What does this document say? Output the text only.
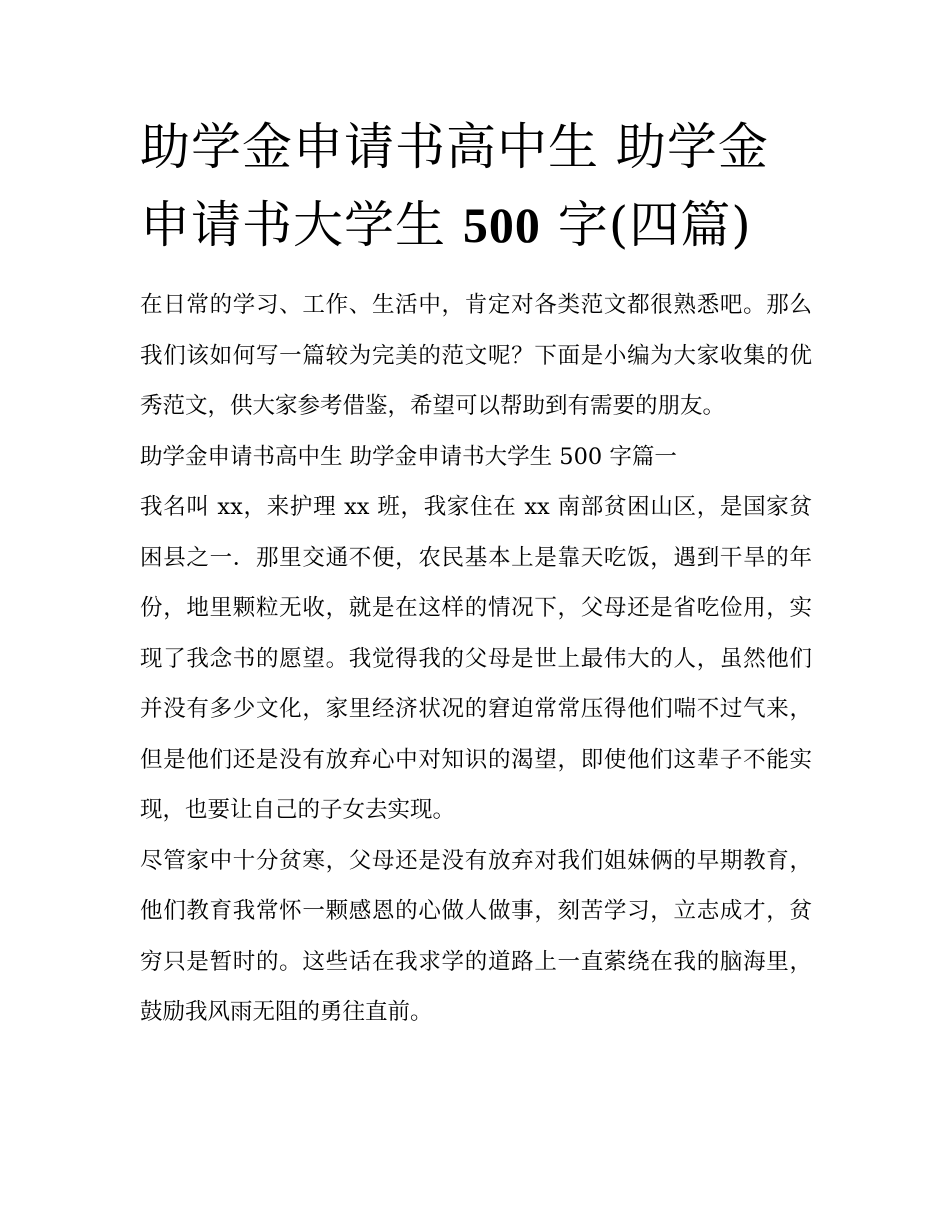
助学金申请书高中生 助学金申请书大学生 500 字(四篇)

在日常的学习、工作、生活中，肯定对各类范文都很熟悉吧。那么我们该如何写一篇较为完美的范文呢？下面是小编为大家收集的优秀范文，供大家参考借鉴，希望可以帮助到有需要的朋友。

助学金申请书高中生 助学金申请书大学生 500 字篇一

我名叫 xx，来护理 xx 班，我家住在 xx 南部贫困山区，是国家贫困县之一．那里交通不便，农民基本上是靠天吃饭，遇到干旱的年份，地里颗粒无收，就是在这样的情况下，父母还是省吃俭用，实现了我念书的愿望。我觉得我的父母是世上最伟大的人，虽然他们并没有多少文化，家里经济状况的窘迫常常压得他们喘不过气来，但是他们还是没有放弃心中对知识的渴望，即使他们这辈子不能实现，也要让自己的子女去实现。

尽管家中十分贫寒，父母还是没有放弃对我们姐妹俩的早期教育，他们教育我常怀一颗感恩的心做人做事，刻苦学习，立志成才，贫穷只是暂时的。这些话在我求学的道路上一直萦绕在我的脑海里，鼓励我风雨无阻的勇往直前。
